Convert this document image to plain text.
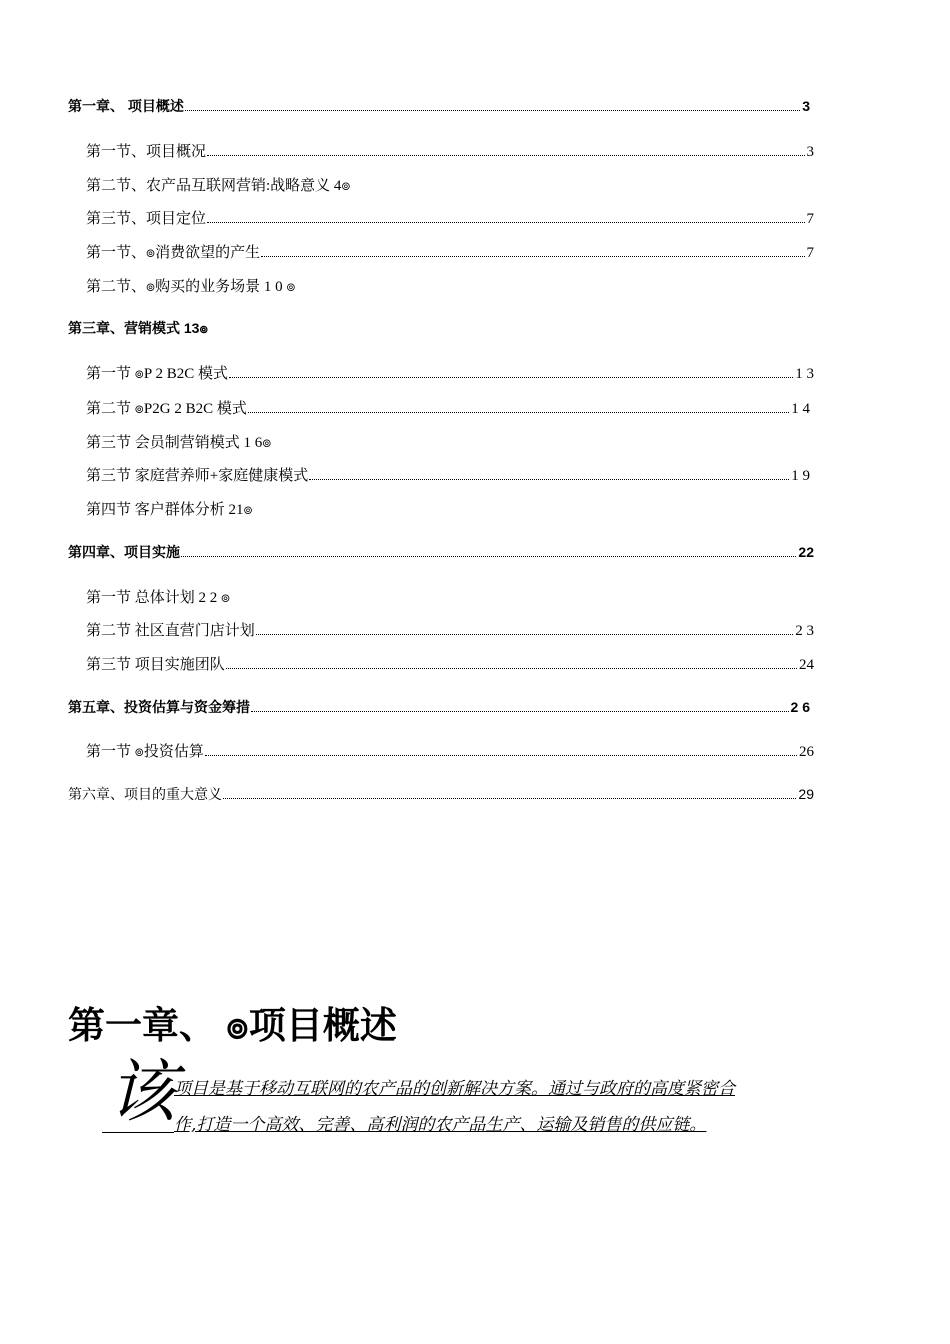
第一章、 项目概述	3
第一节、项目概况	3
第二节、农产品互联网营销:战略意义 4๏
第三节、项目定位	7
第一节、๏消费欲望的产生	7
第二节、๏购买的业务场景 1 0 ๏
第三章、营销模式 13๏
第一节 ๏P 2 B2C 模式	1 3
第二节 ๏P2G 2 B2C 模式	1 4
第三节 会员制营销模式 1 6๏
第三节 家庭营养师+家庭健康模式	1 9
第四节 客户群体分析 21๏
第四章、项目实施	22
第一节 总体计划 2 2 ๏
第二节 社区直营门店计划	2 3
第三节 项目实施团队	24
第五章、投资估算与资金筹措	2 6
第一节 ๏投资估算	26
第六章、项目的重大意义	29
第一章、 ๏项目概述
该
项目是基于移动互联网的农产品的创新解决方案。通过与政府的高度紧密合
作,打造一个高效、完善、高利润的农产品生产、运输及销售的供应链。
